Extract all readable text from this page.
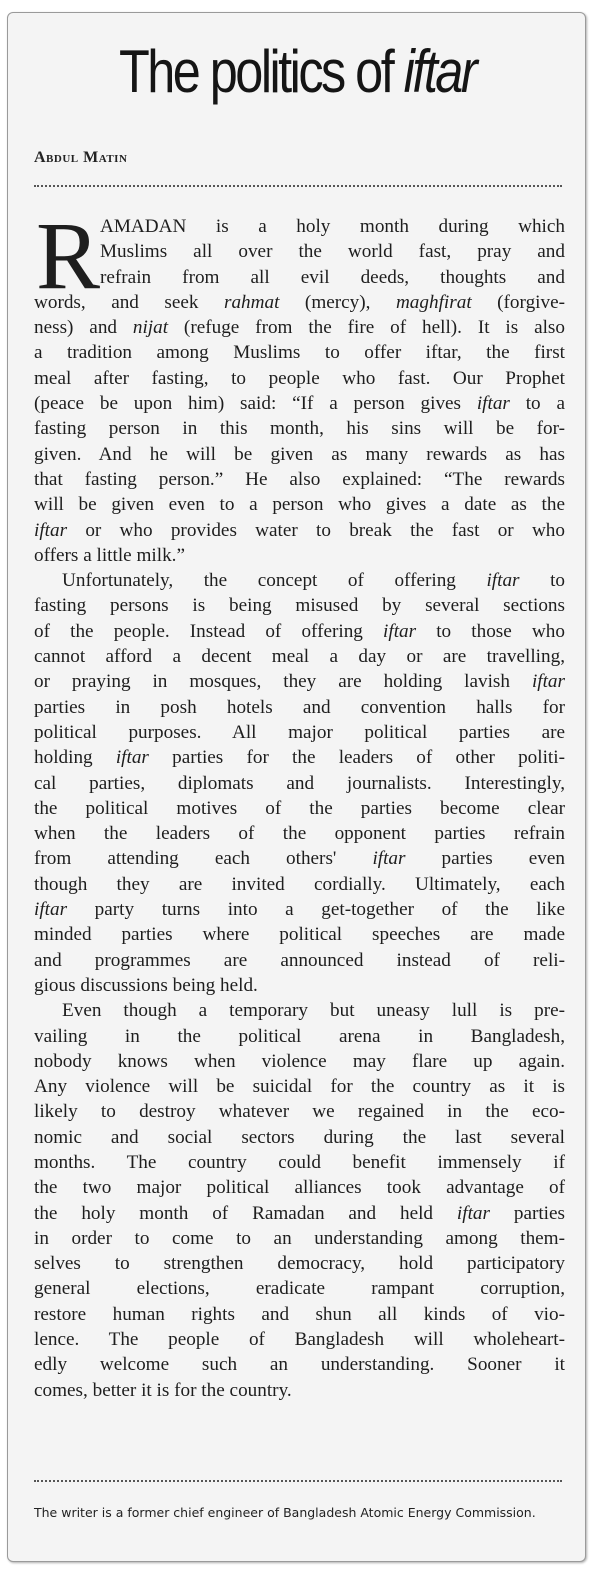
The politics of iftar
Abdul Matin
R AMADAN is a holy month during which
Muslims all over the world fast, pray and
refrain from all evil deeds, thoughts and
words, and seek rahmat (mercy), maghfirat (forgive-
ness) and nijat (refuge from the fire of hell). It is also
a tradition among Muslims to offer iftar, the first
meal after fasting, to people who fast. Our Prophet
(peace be upon him) said: “If a person gives iftar to a
fasting person in this month, his sins will be for-
given. And he will be given as many rewards as has
that fasting person.” He also explained: “The rewards
will be given even to a person who gives a date as the
iftar or who provides water to break the fast or who
offers a little milk.”
Unfortunately, the concept of offering iftar to
fasting persons is being misused by several sections
of the people. Instead of offering iftar to those who
cannot afford a decent meal a day or are travelling,
or praying in mosques, they are holding lavish iftar
parties in posh hotels and convention halls for
political purposes. All major political parties are
holding iftar parties for the leaders of other politi-
cal parties, diplomats and journalists. Interestingly,
the political motives of the parties become clear
when the leaders of the opponent parties refrain
from attending each others' iftar parties even
though they are invited cordially. Ultimately, each
iftar party turns into a get-together of the like
minded parties where political speeches are made
and programmes are announced instead of reli-
gious discussions being held.
Even though a temporary but uneasy lull is pre-
vailing in the political arena in Bangladesh,
nobody knows when violence may flare up again.
Any violence will be suicidal for the country as it is
likely to destroy whatever we regained in the eco-
nomic and social sectors during the last several
months. The country could benefit immensely if
the two major political alliances took advantage of
the holy month of Ramadan and held iftar parties
in order to come to an understanding among them-
selves to strengthen democracy, hold participatory
general elections, eradicate rampant corruption,
restore human rights and shun all kinds of vio-
lence. The people of Bangladesh will wholeheart-
edly welcome such an understanding. Sooner it
comes, better it is for the country.
The writer is a former chief engineer of Bangladesh Atomic Energy Commission.
